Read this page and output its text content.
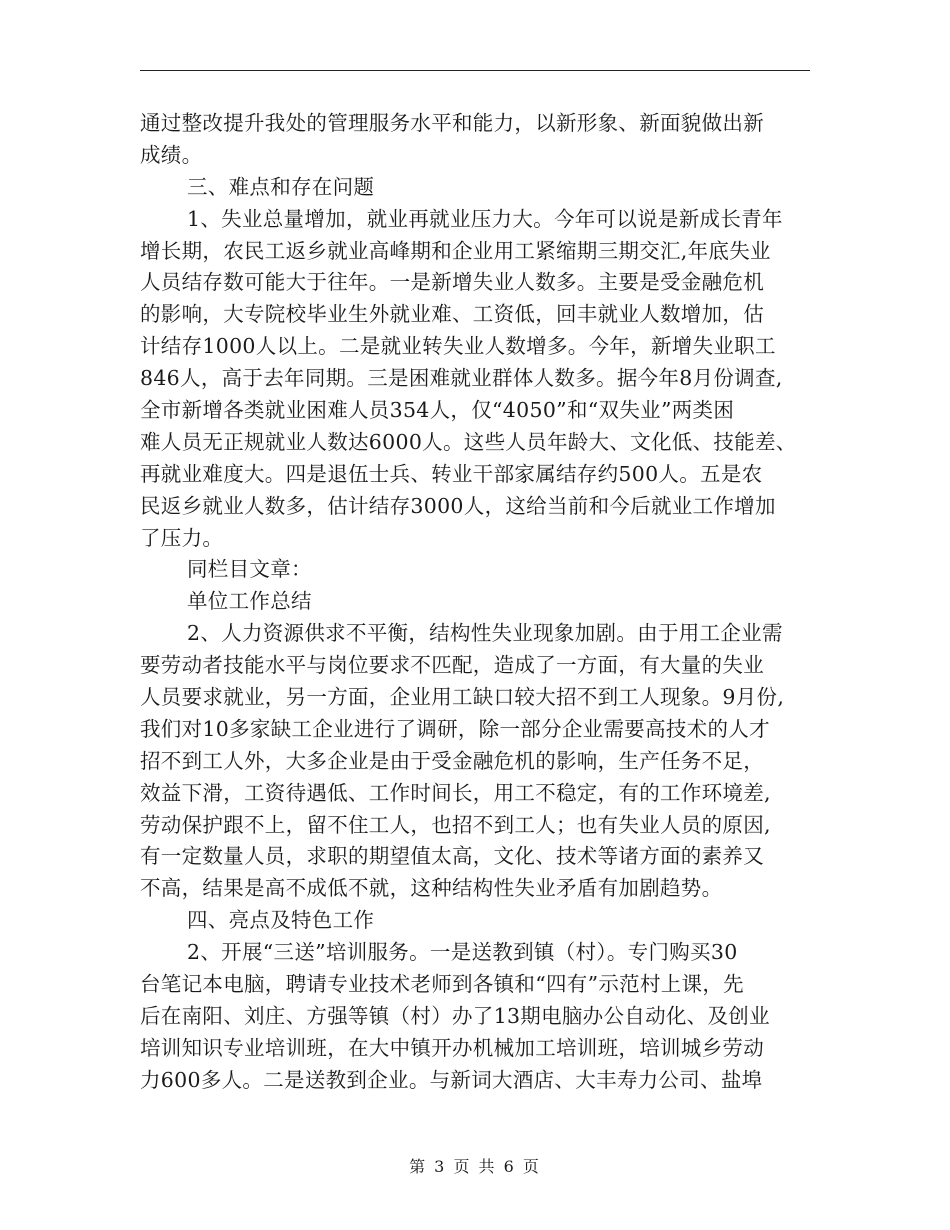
通过整改提升我处的管理服务水平和能力，以新形象、新面貌做出新
成绩。
三、难点和存在问题
1、失业总量增加，就业再就业压力大。今年可以说是新成长青年
增长期，农民工返乡就业高峰期和企业用工紧缩期三期交汇,年底失业
人员结存数可能大于往年。一是新增失业人数多。主要是受金融危机
的影响，大专院校毕业生外就业难、工资低，回丰就业人数增加，估
计结存1000人以上。二是就业转失业人数增多。今年，新增失业职工
846人，高于去年同期。三是困难就业群体人数多。据今年8月份调查,
全市新增各类就业困难人员354人，仅“4050”和“双失业”两类困
难人员无正规就业人数达6000人。这些人员年龄大、文化低、技能差、
再就业难度大。四是退伍士兵、转业干部家属结存约500人。五是农
民返乡就业人数多，估计结存3000人，这给当前和今后就业工作增加
了压力。
同栏目文章：
单位工作总结
2、人力资源供求不平衡，结构性失业现象加剧。由于用工企业需
要劳动者技能水平与岗位要求不匹配，造成了一方面，有大量的失业
人员要求就业，另一方面，企业用工缺口较大招不到工人现象。9月份,
我们对10多家缺工企业进行了调研，除一部分企业需要高技术的人才
招不到工人外，大多企业是由于受金融危机的影响，生产任务不足，
效益下滑，工资待遇低、工作时间长，用工不稳定，有的工作环境差,
劳动保护跟不上，留不住工人，也招不到工人；也有失业人员的原因,
有一定数量人员，求职的期望值太高，文化、技术等诸方面的素养又
不高，结果是高不成低不就，这种结构性失业矛盾有加剧趋势。
四、亮点及特色工作
2、开展“三送”培训服务。一是送教到镇（村）。专门购买30
台笔记本电脑，聘请专业技术老师到各镇和“四有”示范村上课，先
后在南阳、刘庄、方强等镇（村）办了13期电脑办公自动化、及创业
培训知识专业培训班，在大中镇开办机械加工培训班，培训城乡劳动
力600多人。二是送教到企业。与新词大酒店、大丰寿力公司、盐埠
第 3 页 共 6 页
